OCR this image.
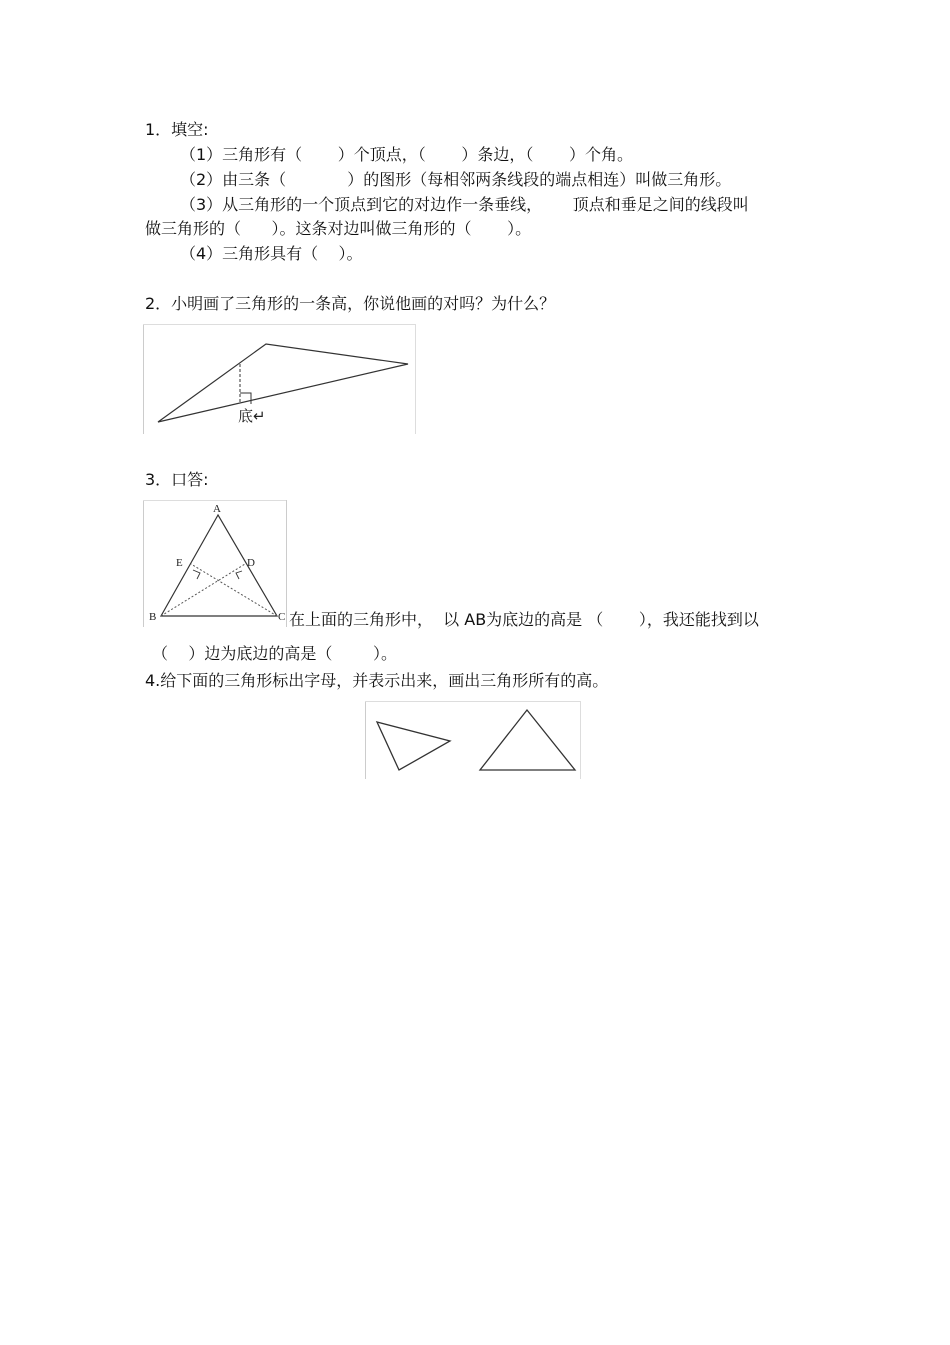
1．填空:
（1）三角形有（       ）个顶点，（       ）条边，（       ）个角。
（2）由三条（            ）的图形（每相邻两条线段的端点相连）叫做三角形。
（3）从三角形的一个顶点到它的对边作一条垂线，      顶点和垂足之间的线段叫
做三角形的（      ）。这条对边叫做三角形的（       ）。
（4）三角形具有（    ）。
2．小明画了三角形的一条高，你说他画的对吗？为什么？
底↵
3．口答:
A
B	C
D
E
在上面的三角形中，  以 AB为底边的高是 （       ），我还能找到以
（    ）边为底边的高是（        ）。
4.给下面的三角形标出字母，并表示出来，画出三角形所有的高。
